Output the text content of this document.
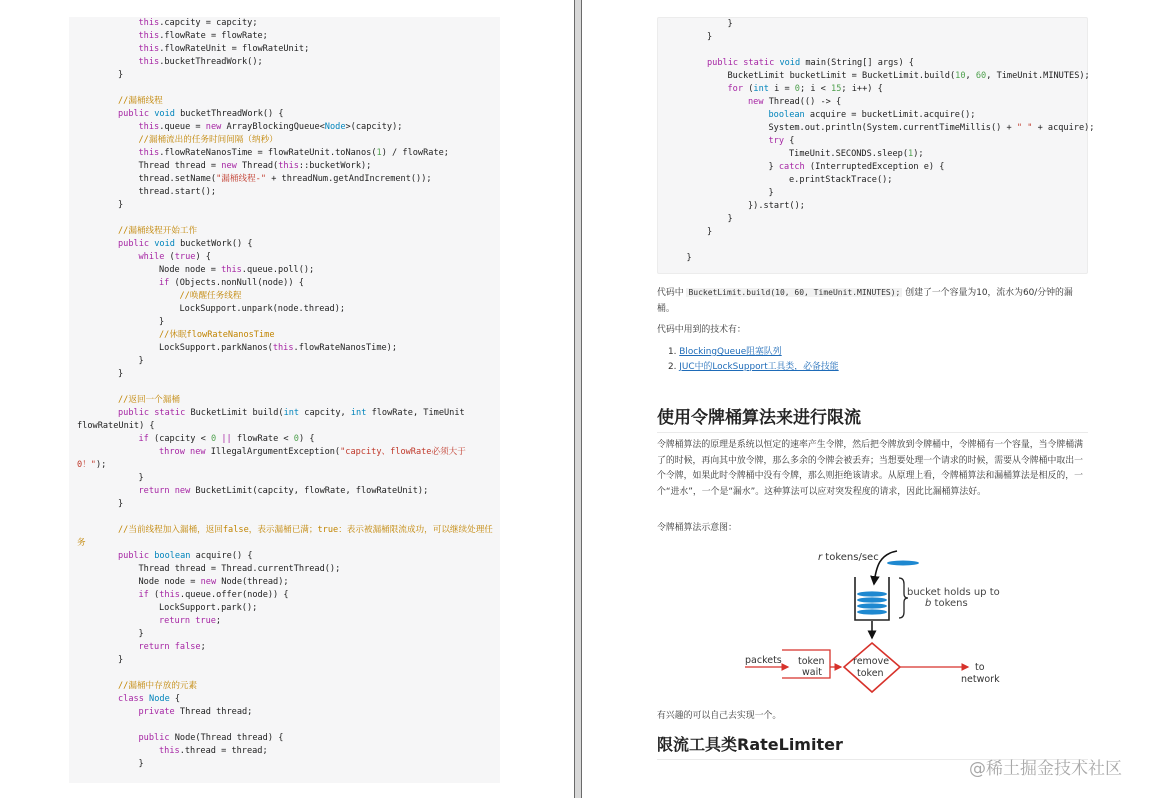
this.capcity = capcity;
this.flowRate = flowRate;
this.flowRateUnit = flowRateUnit;
this.bucketThreadWork();
}
//漏桶线程
public void bucketThreadWork() {
this.queue = new ArrayBlockingQueue<Node>(capcity);
//漏桶流出的任务时间间隔（纳秒）
this.flowRateNanosTime = flowRateUnit.toNanos(1) / flowRate;
Thread thread = new Thread(this::bucketWork);
thread.setName("漏桶线程-" + threadNum.getAndIncrement());
thread.start();
}
//漏桶线程开始工作
public void bucketWork() {
while (true) {
Node node = this.queue.poll();
if (Objects.nonNull(node)) {
//唤醒任务线程
LockSupport.unpark(node.thread);
}
//休眠flowRateNanosTime
LockSupport.parkNanos(this.flowRateNanosTime);
}
}
//返回一个漏桶
public static BucketLimit build(int capcity, int flowRate, TimeUnit
flowRateUnit) {
if (capcity < 0 || flowRate < 0) {
throw new IllegalArgumentException("capcity、flowRate必须大于
0！");
}
return new BucketLimit(capcity, flowRate, flowRateUnit);
}
//当前线程加入漏桶，返回false，表示漏桶已满；true：表示被漏桶限流成功，可以继续处理任
务
public boolean acquire() {
Thread thread = Thread.currentThread();
Node node = new Node(thread);
if (this.queue.offer(node)) {
LockSupport.park();
return true;
}
return false;
}
//漏桶中存放的元素
class Node {
private Thread thread;
public Node(Thread thread) {
this.thread = thread;
}
}
}
public static void main(String[] args) {
BucketLimit bucketLimit = BucketLimit.build(10, 60, TimeUnit.MINUTES);
for (int i = 0; i < 15; i++) {
new Thread(() -> {
boolean acquire = bucketLimit.acquire();
System.out.println(System.currentTimeMillis() + " " + acquire);
try {
TimeUnit.SECONDS.sleep(1);
} catch (InterruptedException e) {
e.printStackTrace();
}
}).start();
}
}
}
代码中 BucketLimit.build(10, 60, TimeUnit.MINUTES); 创建了一个容量为10，流水为60/分钟的漏桶。
代码中用到的技术有：
1. BlockingQueue阻塞队列
2. JUC中的LockSupport工具类，必备技能
使用令牌桶算法来进行限流
令牌桶算法的原理是系统以恒定的速率产生令牌，然后把令牌放到令牌桶中，令牌桶有一个容量，当令牌桶满了的时候，再向其中放令牌，那么多余的令牌会被丢弃；当想要处理一个请求的时候，需要从令牌桶中取出一个令牌，如果此时令牌桶中没有令牌，那么则拒绝该请求。从原理上看，令牌桶算法和漏桶算法是相反的，一个“进水”，一个是“漏水”。这种算法可以应对突发程度的请求，因此比漏桶算法好。
令牌桶算法示意图：
r tokens/sec
bucket holds up to
b tokens
packets token
wait
remove
token
to
network
有兴趣的可以自己去实现一个。
限流工具类RateLimiter
@稀土掘金技术社区
